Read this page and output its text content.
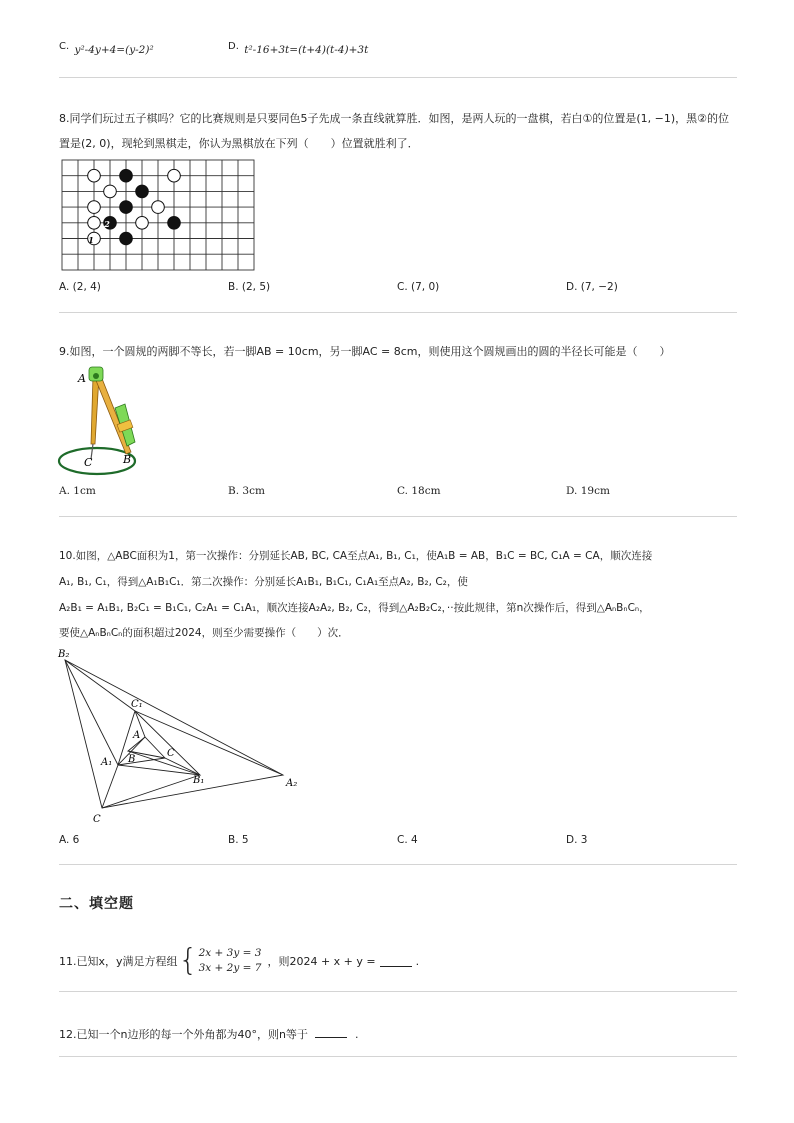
C. y²-4y+4=(y-2)²	D. t²-16+3t=(t+4)(t-4)+3t
8.同学们玩过五子棋吗？它的比赛规则是只要同色5子先成一条直线就算胜．如图，是两人玩的一盘棋，若白①的位置是(1, −1)，黑②的位
置是(2, 0)，现轮到黑棋走，你认为黑棋放在下列（　　）位置就胜利了．
1
2
A. (2, 4)	B. (2, 5)	C. (7, 0)	D. (7, −2)
9.如图，一个圆规的两脚不等长，若一脚AB = 10cm，另一脚AC = 8cm，则使用这个圆规画出的圆的半径长可能是（　　）
A
C	B
A. 1cm	B. 3cm	C. 18cm	D. 19cm
10.如图，△ABC面积为1，第一次操作：分别延长AB, BC, CA至点A₁, B₁, C₁，使A₁B = AB，B₁C = BC, C₁A = CA，顺次连接
A₁, B₁, C₁，得到△A₁B₁C₁．第二次操作：分别延长A₁B₁, B₁C₁, C₁A₁至点A₂, B₂, C₂，使
A₂B₁ = A₁B₁, B₂C₁ = B₁C₁, C₂A₁ = C₁A₁，顺次连接A₂A₂, B₂, C₂，得到△A₂B₂C₂，··按此规律，第n次操作后，得到△AₙBₙCₙ，
要使△AₙBₙCₙ的面积超过2024，则至少需要操作（　　）次．
B₂
C₁
A
C
A₁ B
B₁	A₂
C
A. 6	B. 5	C. 4	D. 3
二、填空题
11.已知x，y满足方程组 { 2x + 3y = 3
3x + 2y = 7 ，则2024 + x + y =	.
12.已知一个n边形的每一个外角都为40°，则n等于	.
